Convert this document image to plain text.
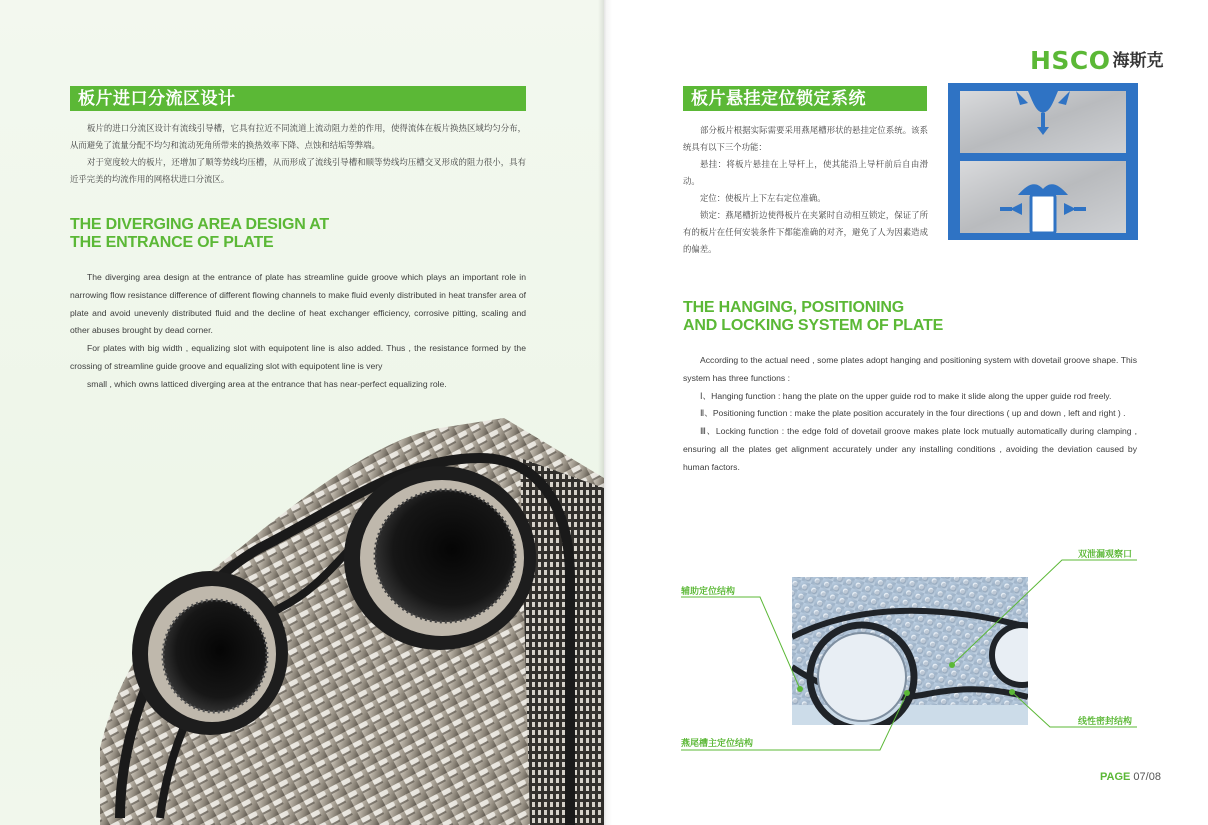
板片进口分流区设计

板片的进口分流区设计有流线引导槽，它具有拉近不同流道上流动阻力差的作用，使得流体在板片换热区域均匀分布，从而避免了流量分配不均匀和流动死角所带来的换热效率下降、点蚀和结垢等弊端。

对于宽度较大的板片，还增加了顺等势线均压槽，从而形成了流线引导槽和顺等势线均压槽交叉形成的阻力很小，具有近乎完美的均流作用的网格状进口分流区。

THE DIVERGING AREA DESIGN AT
THE ENTRANCE OF PLATE

The diverging area design at the entrance of plate has streamline guide groove which plays an important role in narrowing flow resistance difference of different flowing channels to make fluid evenly distributed in heat transfer area of plate and avoid unevenly distributed fluid and the decline of heat exchanger efficiency, corrosive pitting, scaling and other abuses brought by dead corner.

For plates with big width , equalizing slot with equipotent line is also added. Thus , the resistance formed by the crossing of streamline guide groove and equalizing slot with equipotent line is very

small , which owns latticed diverging area at the entrance that has near-perfect equalizing role.

HSCO 海斯克
板片悬挂定位锁定系统

部分板片根据实际需要采用燕尾槽形状的悬挂定位系统。该系统具有以下三个功能：

悬挂：将板片悬挂在上导杆上，使其能沿上导杆前后自由滑动。

定位：使板片上下左右定位准确。

锁定：燕尾槽折边使得板片在夹紧时自动相互锁定，保证了所有的板片在任何安装条件下都能准确的对齐，避免了人为因素造成的偏差。

THE HANGING, POSITIONING
AND LOCKING SYSTEM OF PLATE

According to the actual need , some plates adopt hanging and positioning system with dovetail groove shape. This system has three functions :

Ⅰ、Hanging function : hang the plate on the upper guide rod to make it slide along the upper guide rod freely.

Ⅱ、Positioning function : make the plate position accurately in the four directions ( up and down , left and right ) .

Ⅲ、Locking function : the edge fold of dovetail groove makes plate lock mutually automatically during clamping , ensuring all the plates get alignment accurately under any installing conditions , avoiding the deviation caused by human factors.

辅助定位结构
双泄漏观察口
线性密封结构
燕尾槽主定位结构
PAGE 07/08
